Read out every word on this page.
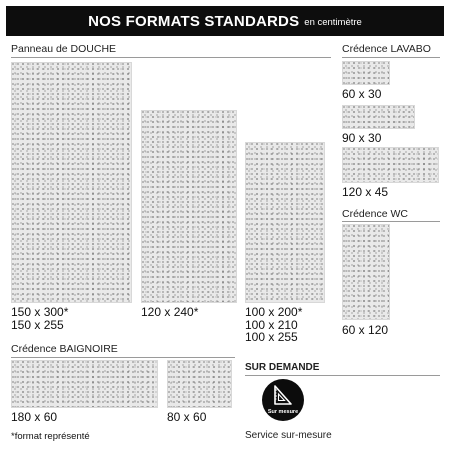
NOS FORMATS STANDARDS en centimètre
Panneau de DOUCHE
150 x 300*
150 x 255
120 x 240*	100 x 200*
100 x 210
100 x 255
Crédence LAVABO
60 x 30
90 x 30
120 x 45
Crédence WC
60 x 120
Crédence BAIGNOIRE
180 x 60	80 x 60
*format représenté
SUR DEMANDE
Sur mesure
Service sur-mesure
